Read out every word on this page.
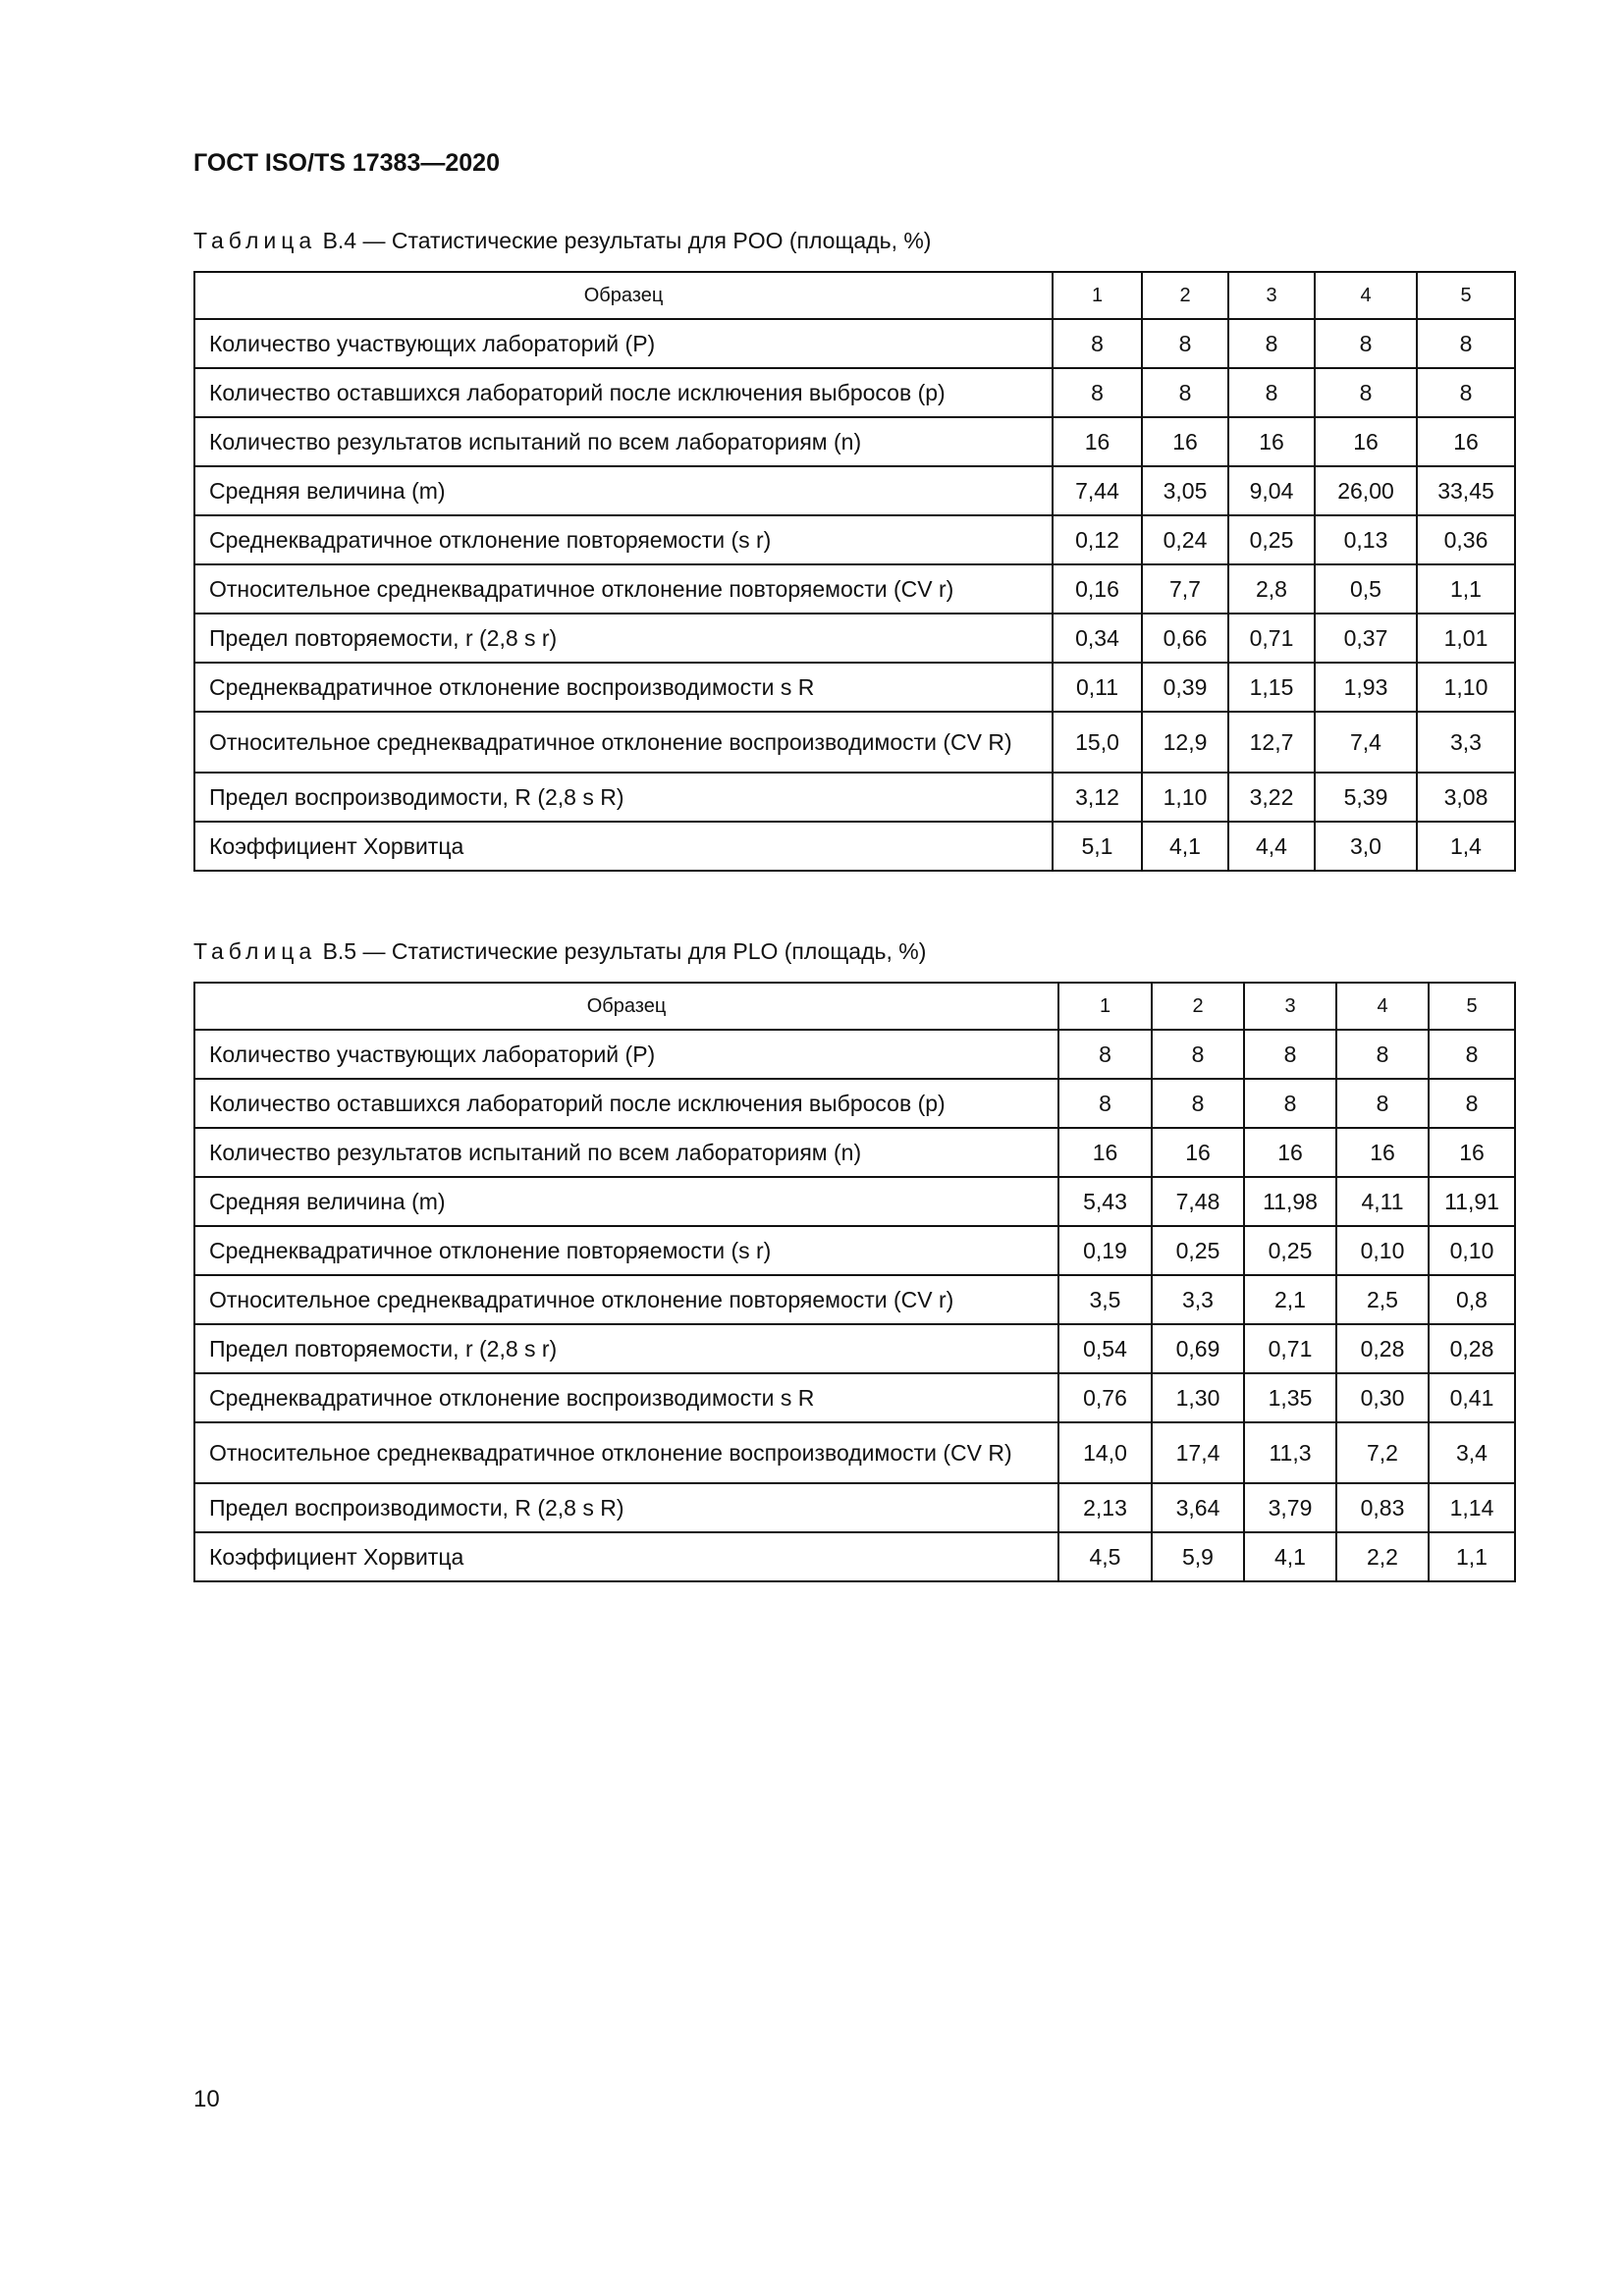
ГОСТ ISO/TS 17383—2020

Таблица В.4 — Статистические результаты для POO (площадь, %)

Образец	1	2	3	4	5
Количество участвующих лабораторий (Р)	8	8	8	8	8
Количество оставшихся лабораторий после исключения выбросов (р)	8	8	8	8	8
Количество результатов испытаний по всем лабораториям (n)	16	16	16	16	16
Средняя величина (m)	7,44	3,05	9,04	26,00	33,45
Среднеквадратичное отклонение повторяемости (s r)	0,12	0,24	0,25	0,13	0,36
Относительное среднеквадратичное отклонение повторяемости (CV r)	0,16	7,7	2,8	0,5	1,1
Предел повторяемости, r (2,8 s r)	0,34	0,66	0,71	0,37	1,01
Среднеквадратичное отклонение воспроизводимости s R	0,11	0,39	1,15	1,93	1,10
Относительное среднеквадратичное отклонение воспроизводимости (CV R)	15,0	12,9	12,7	7,4	3,3
Предел воспроизводимости, R (2,8 s R)	3,12	1,10	3,22	5,39	3,08
Коэффициент Хорвитца	5,1	4,1	4,4	3,0	1,4

Таблица В.5 — Статистические результаты для PLO (площадь, %)

Образец	1	2	3	4	5
Количество участвующих лабораторий (Р)	8	8	8	8	8
Количество оставшихся лабораторий после исключения выбросов (р)	8	8	8	8	8
Количество результатов испытаний по всем лабораториям (n)	16	16	16	16	16
Средняя величина (m)	5,43	7,48	11,98	4,11	11,91
Среднеквадратичное отклонение повторяемости (s r)	0,19	0,25	0,25	0,10	0,10
Относительное среднеквадратичное отклонение повторяемости (CV r)	3,5	3,3	2,1	2,5	0,8
Предел повторяемости, r (2,8 s r)	0,54	0,69	0,71	0,28	0,28
Среднеквадратичное отклонение воспроизводимости s R	0,76	1,30	1,35	0,30	0,41
Относительное среднеквадратичное отклонение воспроизводимости (CV R)	14,0	17,4	11,3	7,2	3,4
Предел воспроизводимости, R (2,8 s R)	2,13	3,64	3,79	0,83	1,14
Коэффициент Хорвитца	4,5	5,9	4,1	2,2	1,1

10
